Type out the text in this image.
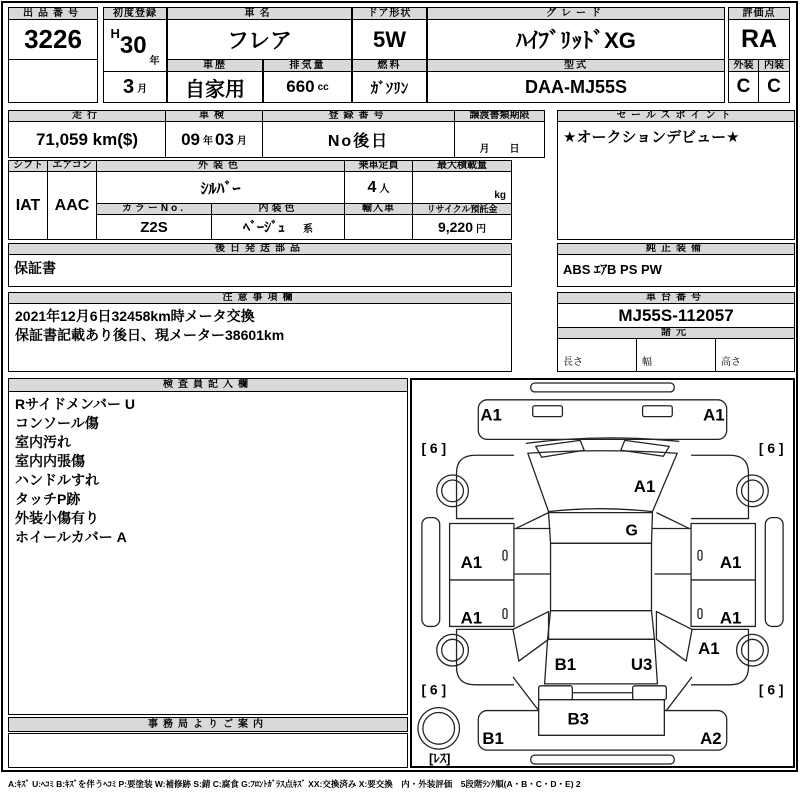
出品番号
3226
初度登録
H 30
年
3 月
車名
フレア
ドア形状
5W
グレード
ﾊｲﾌﾞﾘｯﾄﾞXG
車歴
自家用
排気量
660 cc
燃料
ｶﾞｿﾘﾝ
型式
DAA-MJ55S
評価点
RA
外装	内装
C C
走行
71,059 km($)
車検
09 年 03 月
登録番号
No後日
譲渡書類期限
月　　日
シフト
IAT
エアコン
AAC
外装色
ｼﾙﾊﾞｰ
乗車定員
4 人
最大積載量
kg
カラーNo.
Z2S
内装色
ﾍﾞｰｼﾞｭ 系
輸入車	リサイクル預託金
9,220 円
セールスポイント
★オークションデビュー★
後日発送部品
保証書
純正装備
ABS ｴｱB PS PW
注意事項欄
2021年12月6日32458km時メータ交換
保証書記載あり後日、現メーター38601km
車台番号
MJ55S-112057
諸元
長さ	幅	高さ
検査員記入欄
Rサイドメンバー U
コンソール傷
室内汚れ
室内内張傷
ハンドルすれ
タッチP跡
外装小傷有り
ホイールカバー A
事務局よりご案内
A1	A1
A1
G
A1	A1
A1	A1
A1
B1	U3
B3
B1	A2
[ 6 ]	[ 6 ]
[ 6 ]	[ 6 ]
[ﾚｽ]
A:ｷｽﾞ U:ﾍｺﾐ B:ｷｽﾞを伴うﾍｺﾐ P:要塗装 W:補修跡 S:錆 C:腐食 G:ﾌﾛﾝﾄｶﾞﾗｽ点ｷｽﾞ XX:交換済み X:要交換　内・外装評価　5段階ﾗﾝｸ順(A・B・C・D・E) 2
